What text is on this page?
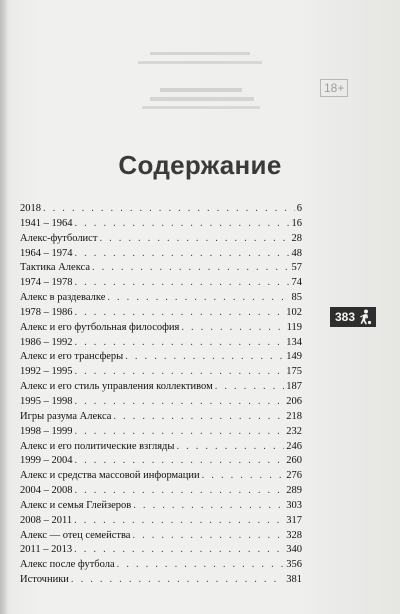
18+
Содержание
2018 . . .	6
1941 – 1964 . . .	16
Алекс-футболист . . .	28
1964 – 1974 . . .	48
Тактика Алекса . . .	57
1974 – 1978 . . .	74
Алекс в раздевалке . . .	85
1978 – 1986 . . .	102
Алекс и его футбольная философия . . .	119
1986 – 1992 . . .	134
Алекс и его трансферы . . .	149
1992 – 1995 . . .	175
Алекс и его стиль управления коллективом . . .	187
1995 – 1998 . . .	206
Игры разума Алекса . . .	218
1998 – 1999 . . .	232
Алекс и его политические взгляды . . .	246
1999 – 2004 . . .	260
Алекс и средства массовой информации . . .	276
2004 – 2008 . . .	289
Алекс и семья Глейзеров . . .	303
2008 – 2011 . . .	317
Алекс — отец семейства . . .	328
2011 – 2013 . . .	340
Алекс после футбола . . .	356
Источники . . .	381
383
